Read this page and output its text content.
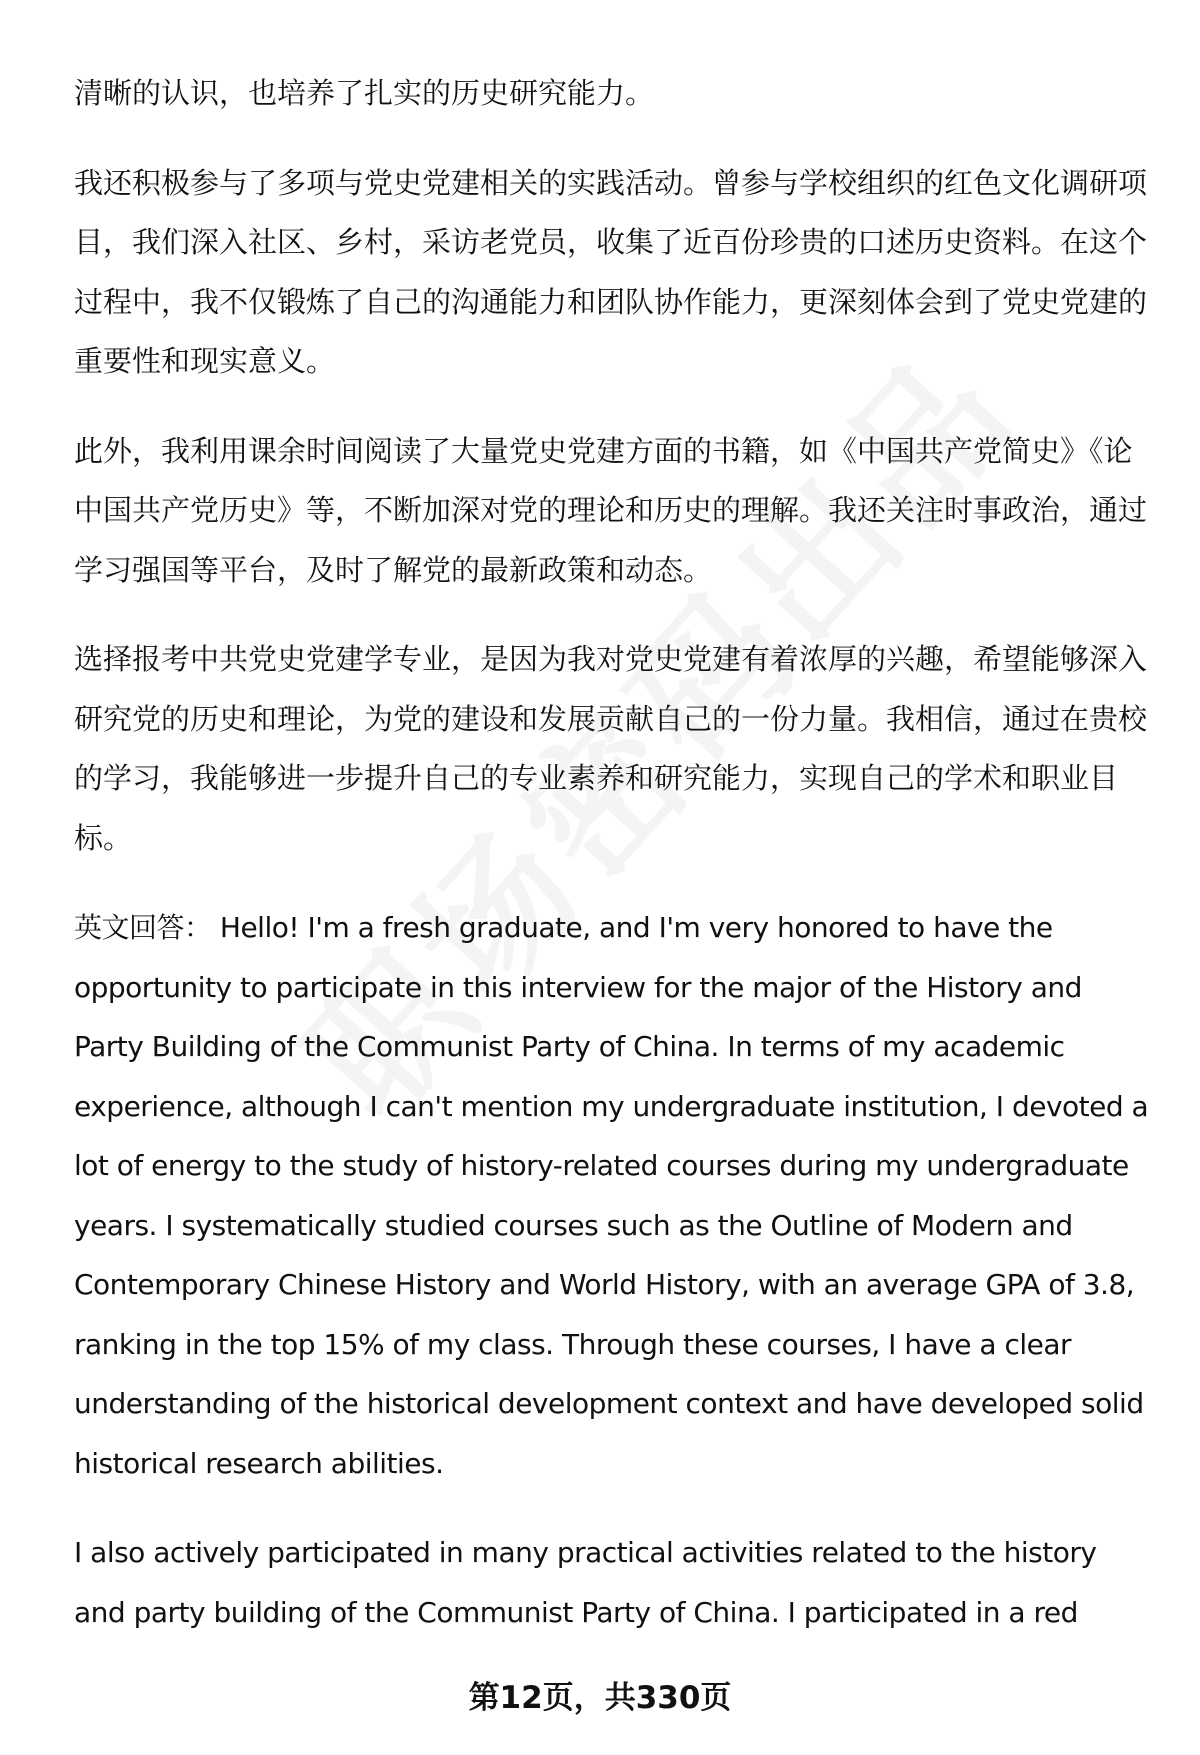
清晰的认识，也培养了扎实的历史研究能力。

我还积极参与了多项与党史党建相关的实践活动。曾参与学校组织的红色文化调研项目，我们深入社区、乡村，采访老党员，收集了近百份珍贵的口述历史资料。在这个过程中，我不仅锻炼了自己的沟通能力和团队协作能力，更深刻体会到了党史党建的重要性和现实意义。

此外，我利用课余时间阅读了大量党史党建方面的书籍，如《中国共产党简史》《论中国共产党历史》等，不断加深对党的理论和历史的理解。我还关注时事政治，通过学习强国等平台，及时了解党的最新政策和动态。

选择报考中共党史党建学专业，是因为我对党史党建有着浓厚的兴趣，希望能够深入研究党的历史和理论，为党的建设和发展贡献自己的一份力量。我相信，通过在贵校的学习，我能够进一步提升自己的专业素养和研究能力，实现自己的学术和职业目标。

英文回答： Hello! I'm a fresh graduate, and I'm very honored to have the opportunity to participate in this interview for the major of the History and Party Building of the Communist Party of China. In terms of my academic experience, although I can't mention my undergraduate institution, I devoted a lot of energy to the study of history-related courses during my undergraduate years. I systematically studied courses such as the Outline of Modern and Contemporary Chinese History and World History, with an average GPA of 3.8, ranking in the top 15% of my class. Through these courses, I have a clear understanding of the historical development context and have developed solid historical research abilities.

I also actively participated in many practical activities related to the history and party building of the Communist Party of China. I participated in a red

第12页，共330页
